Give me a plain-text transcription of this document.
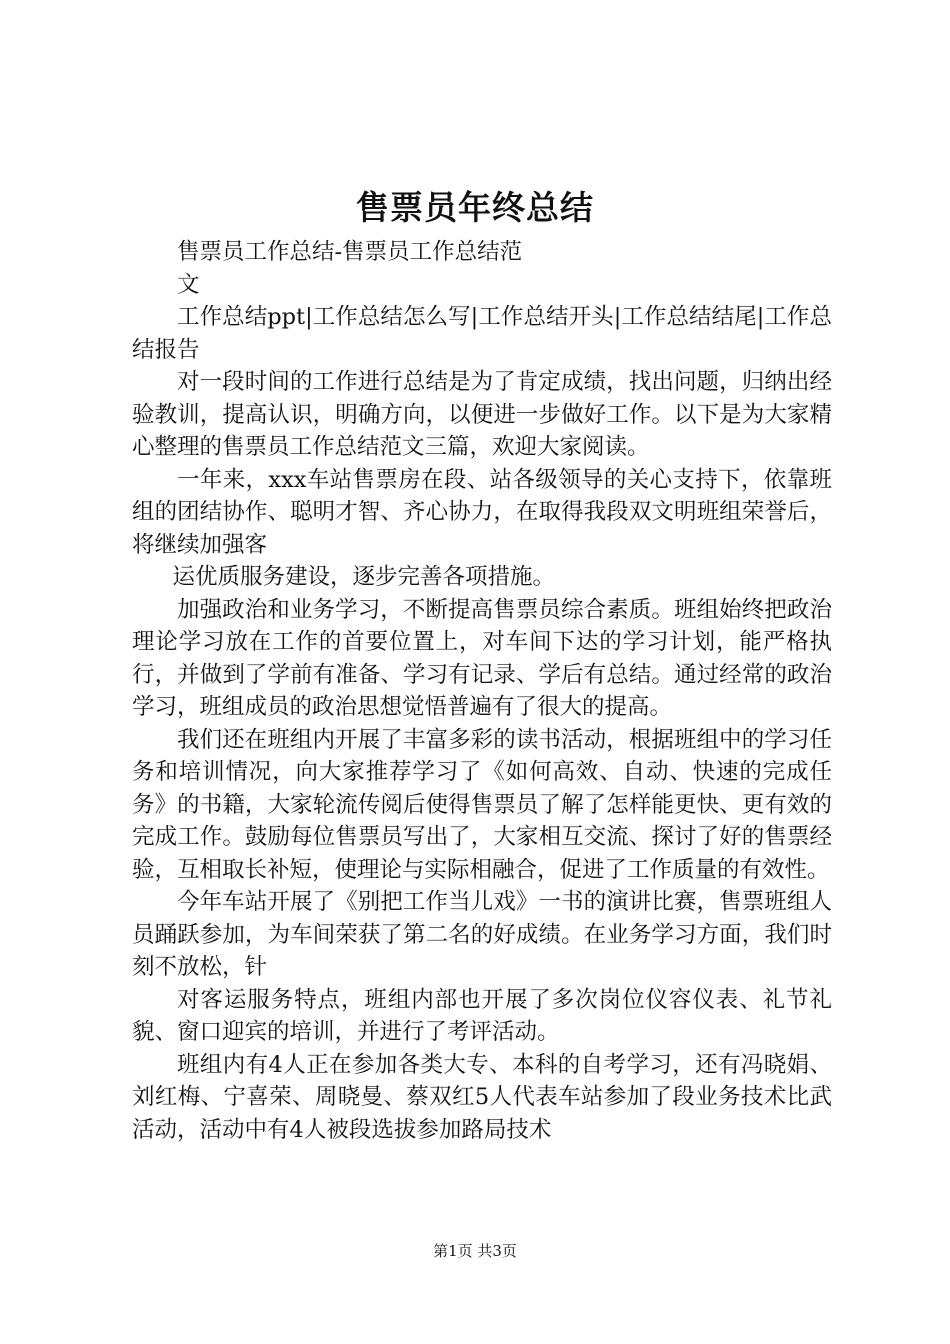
售票员年终总结

售票员工作总结-售票员工作总结范

文

工作总结ppt|工作总结怎么写|工作总结开头|工作总结结尾|工作总结报告

对一段时间的工作进行总结是为了肯定成绩，找出问题，归纳出经验教训，提高认识，明确方向，以便进一步做好工作。以下是为大家精心整理的售票员工作总结范文三篇，欢迎大家阅读。

一年来，xxx车站售票房在段、站各级领导的关心支持下，依靠班组的团结协作、聪明才智、齐心协力，在取得我段双文明班组荣誉后，将继续加强客

运优质服务建设，逐步完善各项措施。

加强政治和业务学习，不断提高售票员综合素质。班组始终把政治理论学习放在工作的首要位置上，对车间下达的学习计划，能严格执行，并做到了学前有准备、学习有记录、学后有总结。通过经常的政治学习，班组成员的政治思想觉悟普遍有了很大的提高。

我们还在班组内开展了丰富多彩的读书活动，根据班组中的学习任务和培训情况，向大家推荐学习了《如何高效、自动、快速的完成任务》的书籍，大家轮流传阅后使得售票员了解了怎样能更快、更有效的完成工作。鼓励每位售票员写出了，大家相互交流、探讨了好的售票经验，互相取长补短，使理论与实际相融合，促进了工作质量的有效性。

今年车站开展了《别把工作当儿戏》一书的演讲比赛，售票班组人员踊跃参加，为车间荣获了第二名的好成绩。在业务学习方面，我们时刻不放松，针

对客运服务特点，班组内部也开展了多次岗位仪容仪表、礼节礼貌、窗口迎宾的培训，并进行了考评活动。

班组内有4人正在参加各类大专、本科的自考学习，还有冯晓娟、刘红梅、宁喜荣、周晓曼、蔡双红5人代表车站参加了段业务技术比武活动，活动中有4人被段选拔参加路局技术

第1页 共3页
